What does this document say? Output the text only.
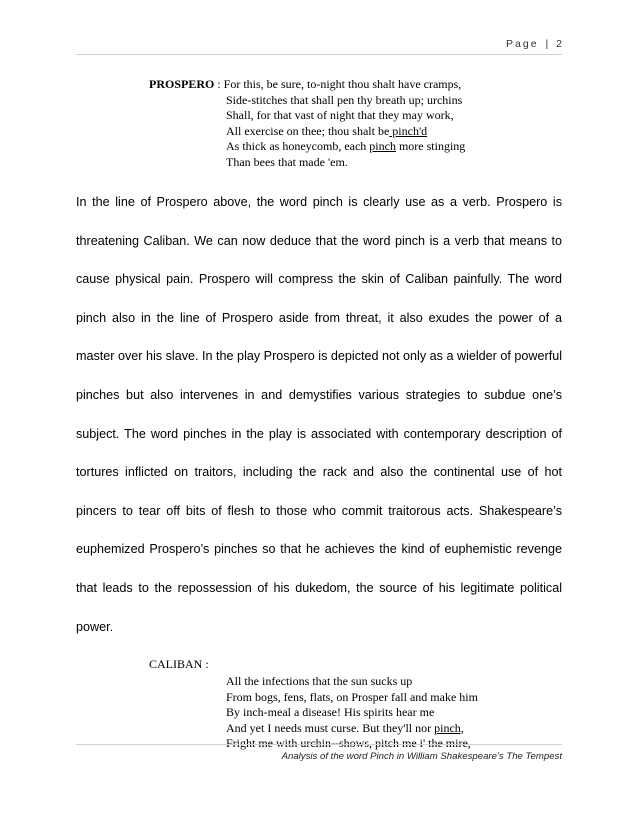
Page | 2
PROSPERO : For this, be sure, to-night thou shalt have cramps,
Side-stitches that shall pen thy breath up; urchins
Shall, for that vast of night that they may work,
All exercise on thee; thou shalt be pinch'd
As thick as honeycomb, each pinch more stinging
Than bees that made 'em.

In the line of Prospero above, the word pinch is clearly use as a verb. Prospero is threatening Caliban. We can now deduce that the word pinch is a verb that means to cause physical pain. Prospero will compress the skin of Caliban painfully. The word pinch also in the line of Prospero aside from threat, it also exudes the power of a master over his slave. In the play Prospero is depicted not only as a wielder of powerful pinches but also intervenes in and demystifies various strategies to subdue one’s subject. The word pinches in the play is associated with contemporary description of tortures inflicted on traitors, including the rack and also the continental use of hot pincers to tear off bits of flesh to those who commit traitorous acts. Shakespeare’s euphemized Prospero’s pinches so that he achieves the kind of euphemistic revenge that leads to the repossession of his dukedom, the source of his legitimate political power.

CALIBAN :
All the infections that the sun sucks up
From bogs, fens, flats, on Prosper fall and make him
By inch-meal a disease! His spirits hear me
And yet I needs must curse. But they'll nor pinch,
Fright me with urchin--shows, pitch me i' the mire,
Analysis of the word Pinch in William Shakespeare’s The Tempest
